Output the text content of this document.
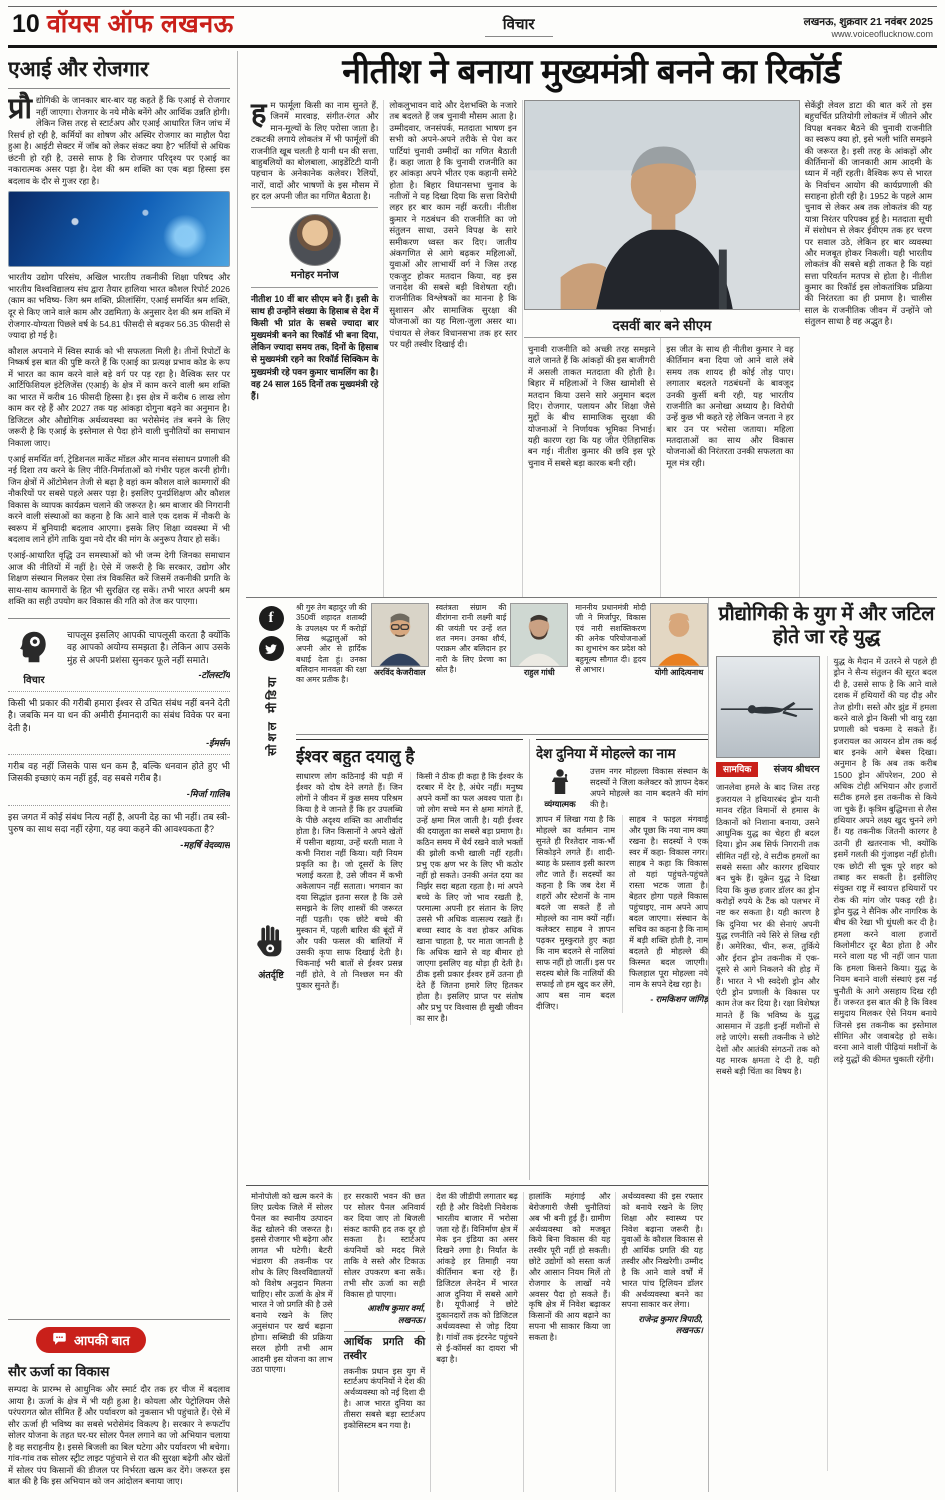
10 वॉयस ऑफ लखनऊ	विचार	लखनऊ, शुक्रवार 21 नवंबर 2025
www.voiceoflucknow.com
एआई और रोजगार

प्रौ द्योगिकी के जानकार बार-बार यह कहते हैं कि एआई से रोजगार नहीं जाएगा। रोजगार के नये मौके बनेंगे और आर्थिक उन्नति होगी। लेकिन जिस तरह से स्टार्टअप और एआई आधारित जिन जांच में रिसर्च हो रही है, कर्मियों का शोषण और अस्थिर रोजगार का माहौल पैदा हुआ है। आईटी सेक्टर में जॉब को लेकर संकट क्या है? भर्तियों से अधिक छंटनी हो रही है, उससे साफ है कि रोजगार परिदृश्य पर एआई का नकारात्मक असर पड़ा है। देश की श्रम शक्ति का एक बड़ा हिस्सा इस बदलाव के दौर से गुजर रहा है।

भारतीय उद्योग परिसंघ, अखिल भारतीय तकनीकी शिक्षा परिषद और भारतीय विश्वविद्यालय संघ द्वारा तैयार हालिया भारत कौशल रिपोर्ट 2026 (काम का भविष्य- जिग श्रम शक्ति, फ्रीलांसिंग, एआई समर्थित श्रम शक्ति, दूर से किए जाने वाले काम और उद्यमिता) के अनुसार देश की श्रम शक्ति में रोजगार-योग्यता पिछले वर्ष के 54.81 फीसदी से बढ़कर 56.35 फीसदी से ज्यादा हो गई है।

कौशल अपनाने में स्विस स्पार्क को भी सफलता मिली है। तीनों रिपोर्टों के निष्कर्ष इस बात की पुष्टि करते हैं कि एआई का प्रत्यक्ष प्रभाव कोड के रूप में भारत का काम करने वाले बड़े वर्ग पर पड़ रहा है। वैश्विक स्तर पर आर्टिफिशियल इंटेलिजेंस (एआई) के क्षेत्र में काम करने वाली श्रम शक्ति का भारत में करीब 16 फीसदी हिस्सा है। इस क्षेत्र में करीब 6 लाख लोग काम कर रहे हैं और 2027 तक यह आंकड़ा दोगुना बढ़ने का अनुमान है। डिजिटल और औद्योगिक अर्थव्यवस्था का भरोसेमंद तंत्र बनने के लिए जरूरी है कि एआई के इस्तेमाल से पैदा होने वाली चुनौतियों का समाधान निकाला जाए।

एआई समर्थित वर्ग, ट्रेडिशनल मार्केट मॉडल और मानव संसाधन प्रणाली की नई दिशा तय करने के लिए नीति-निर्माताओं को गंभीर पहल करनी होगी। जिन क्षेत्रों में ऑटोमेशन तेजी से बढ़ा है वहां कम कौशल वाले कामगारों की नौकरियों पर सबसे पहले असर पड़ा है। इसलिए पुनर्प्रशिक्षण और कौशल विकास के व्यापक कार्यक्रम चलाने की जरूरत है। श्रम बाजार की निगरानी करने वाली संस्थाओं का कहना है कि आने वाले एक दशक में नौकरी के स्वरूप में बुनियादी बदलाव आएगा। इसके लिए शिक्षा व्यवस्था में भी बदलाव लाने होंगे ताकि युवा नये दौर की मांग के अनुरूप तैयार हो सकें।

एआई-आधारित वृद्धि उन समस्याओं को भी जन्म देगी जिनका समाधान आज की नीतियों में नहीं है। ऐसे में जरूरी है कि सरकार, उद्योग और शिक्षण संस्थान मिलकर ऐसा तंत्र विकसित करें जिसमें तकनीकी प्रगति के साथ-साथ कामगारों के हित भी सुरक्षित रह सकें। तभी भारत अपनी श्रम शक्ति का सही उपयोग कर विकास की गति को तेज कर पाएगा।

विचार

चापलूस इसलिए आपकी चापलूसी करता है क्योंकि वह आपको अयोग्य समझता है। लेकिन आप उसके मुंह से अपनी प्रशंसा सुनकर फूले नहीं समाते।

-टॉलस्टॉय

किसी भी प्रकार की गरीबी हमारा ईश्वर से उचित संबंध नहीं बनने देती है। जबकि मन या धन की अमीरी ईमानदारी का संबंध विवेक पर बना देती है।

-ईमर्सन

गरीब वह नहीं जिसके पास धन कम है, बल्कि धनवान होते हुए भी जिसकी इच्छाएं कम नहीं हुईं, वह सबसे गरीब है।

-मिर्जा गालिब

इस जगत में कोई संबंध नित्य नहीं है, अपनी देह का भी नहीं। तब स्त्री-पुरुष का साथ सदा नहीं रहेगा, यह क्या कहने की आवश्यकता है?

-महर्षि वेदव्यास
आपकी बात
सौर ऊर्जा का विकास

सम्पदा के प्रारम्भ से आधुनिक और स्मार्ट दौर तक हर चीज में बदलाव आया है। ऊर्जा के क्षेत्र में भी यही हुआ है। कोयला और पेट्रोलियम जैसे परंपरागत स्रोत सीमित हैं और पर्यावरण को नुकसान भी पहुंचाते हैं। ऐसे में सौर ऊर्जा ही भविष्य का सबसे भरोसेमंद विकल्प है। सरकार ने रूफटॉप सोलर योजना के तहत घर-घर सोलर पैनल लगाने का जो अभियान चलाया है वह सराहनीय है। इससे बिजली का बिल घटेगा और पर्यावरण भी बचेगा। गांव-गांव तक सोलर स्ट्रीट लाइट पहुंचाने से रात की सुरक्षा बढ़ेगी और खेतों में सोलर पंप किसानों की डीजल पर निर्भरता खत्म कर देंगे। जरूरत इस बात की है कि इस अभियान को जन आंदोलन बनाया जाए।

नीतीश ने बनाया मुख्यमंत्री बनने का रिकॉर्ड
दसवीं बार बने सीएम

हम फार्मूला किसी का नाम सुनते हैं, जिनमें मारवाड़, संगीत-रंगत और मान-मूल्यों के लिए परोसा जाता है। टकटकी लगाये लोकतंत्र में भी फार्मूलों की राजनीति खूब चलती है यानी धन की सत्ता, बाहुबलियों का बोलबाला, आइडेंटिटी यानी पहचान के अनेकानेक कलेवर। रैलियों, नारों, वादों और भाषणों के इस मौसम में हर दल अपनी जीत का गणित बैठाता है।

मनोहर मनोज

नीतीश 10 वीं बार सीएम बने हैं। इसी के साथ ही उन्होंने संख्या के हिसाब से देश में किसी भी प्रांत के सबसे ज्यादा बार मुख्यमंत्री बनने का रिकॉर्ड भी बना दिया, लेकिन ज्यादा समय तक, दिनों के हिसाब से मुख्यमंत्री रहने का रिकॉर्ड सिक्किम के मुख्यमंत्री रहे पवन कुमार चामलिंग का है। वह 24 साल 165 दिनों तक मुख्यमंत्री रहे हैं।

लोकलुभावन वादे और देशभक्ति के नजारे तब बदलते हैं जब चुनावी मौसम आता है। उम्मीदवार, जनसंपर्क, मतदाता भाषण इन सभी को अपने-अपने तरीके से पेश कर पार्टियां चुनावी उम्मीदों का गणित बैठाती हैं। कहा जाता है कि चुनावी राजनीति का हर आंकड़ा अपने भीतर एक कहानी समेटे होता है। बिहार विधानसभा चुनाव के नतीजों ने यह दिखा दिया कि सत्ता विरोधी लहर हर बार काम नहीं करती। नीतीश कुमार ने गठबंधन की राजनीति का जो संतुलन साधा, उसने विपक्ष के सारे समीकरण ध्वस्त कर दिए। जातीय अंकगणित से आगे बढ़कर महिलाओं, युवाओं और लाभार्थी वर्ग ने जिस तरह एकजुट होकर मतदान किया, वह इस जनादेश की सबसे बड़ी विशेषता रही। राजनीतिक विश्लेषकों का मानना है कि सुशासन और सामाजिक सुरक्षा की योजनाओं का यह मिला-जुला असर था। पंचायत से लेकर विधानसभा तक हर स्तर पर यही तस्वीर दिखाई दी।
चुनावी राजनीति को अच्छी तरह समझने वाले जानते हैं कि आंकड़ों की इस बाजीगरी में असली ताकत मतदाता की होती है। बिहार में महिलाओं ने जिस खामोशी से मतदान किया उसने सारे अनुमान बदल दिए। रोजगार, पलायन और शिक्षा जैसे मुद्दों के बीच सामाजिक सुरक्षा की योजनाओं ने निर्णायक भूमिका निभाई। यही कारण रहा कि यह जीत ऐतिहासिक बन गई। नीतीश कुमार की छवि इस पूरे चुनाव में सबसे बड़ा कारक बनी रही।
इस जीत के साथ ही नीतीश कुमार ने वह कीर्तिमान बना दिया जो आने वाले लंबे समय तक शायद ही कोई तोड़ पाए। लगातार बदलते गठबंधनों के बावजूद उनकी कुर्सी बनी रही, यह भारतीय राजनीति का अनोखा अध्याय है। विरोधी उन्हें कुछ भी कहते रहे लेकिन जनता ने हर बार उन पर भरोसा जताया। महिला मतदाताओं का साथ और विकास योजनाओं की निरंतरता उनकी सफलता का मूल मंत्र रही।
सेकेंड्री लेवल डाटा की बात करें तो इस बहुचर्चित प्रतियोगी लोकतंत्र में जीतने और विपक्ष बनकर बैठने की चुनावी राजनीति का स्वरूप क्या हो, इसे भली भांति समझने की जरूरत है। इसी तरह के आंकड़ों और कीर्तिमानों की जानकारी आम आदमी के ध्यान में नहीं रहती। वैश्विक रूप से भारत के निर्वाचन आयोग की कार्यप्रणाली की सराहना होती रही है। 1952 के पहले आम चुनाव से लेकर अब तक लोकतंत्र की यह यात्रा निरंतर परिपक्व हुई है। मतदाता सूची में संशोधन से लेकर ईवीएम तक हर चरण पर सवाल उठे, लेकिन हर बार व्यवस्था और मजबूत होकर निकली। यही भारतीय लोकतंत्र की सबसे बड़ी ताकत है कि यहां सत्ता परिवर्तन मतपत्र से होता है। नीतीश कुमार का रिकॉर्ड इस लोकतांत्रिक प्रक्रिया की निरंतरता का ही प्रमाण है। चालीस साल के राजनीतिक जीवन में उन्होंने जो संतुलन साधा है वह अद्भुत है।
f
सोशल मीडिया
अंतर्दृष्टि

श्री गुरु तेग बहादुर जी की 350वीं शहादत शताब्दी के उपलक्ष्य पर मैं करोड़ों सिख श्रद्धालुओं को अपनी ओर से हार्दिक बधाई देता हूं। उनका बलिदान मानवता की रक्षा का अमर प्रतीक है।

अरविंद केजरीवाल

स्वतंत्रता संग्राम की वीरांगना रानी लक्ष्मी बाई की जयंती पर उन्हें शत शत नमन। उनका शौर्य, पराक्रम और बलिदान हर नारी के लिए प्रेरणा का स्रोत है।	राहुल गांधी

माननीय प्रधानमंत्री मोदी जी ने मिर्जापुर, विकास एवं नारी सशक्तिकरण की अनेक परियोजनाओं का शुभारंभ कर प्रदेश को बहुमूल्य सौगात दी। हृदय से आभार।	योगी आदित्यनाथ
ईश्वर बहुत दयालु है
साधारण लोग कठिनाई की घड़ी में ईश्वर को दोष देने लगते हैं। जिन लोगों ने जीवन में कुछ समय परिश्रम किया है वे जानते हैं कि हर उपलब्धि के पीछे अदृश्य शक्ति का आशीर्वाद होता है। जिन किसानों ने अपने खेतों में पसीना बहाया, उन्हें धरती माता ने कभी निराश नहीं किया। यही नियम प्रकृति का है। जो दूसरों के लिए भलाई करता है, उसे जीवन में कभी अकेलापन नहीं सताता। भगवान का दया सिद्धांत इतना सरल है कि उसे समझने के लिए शास्त्रों की जरूरत नहीं पड़ती। एक छोटे बच्चे की मुस्कान में, पहली बारिश की बूंदों में और पकी फसल की बालियों में उसकी कृपा साफ दिखाई देती है। चिकनाई भरी बातों से ईश्वर प्रसन्न नहीं होते, वे तो निश्छल मन की पुकार सुनते हैं।
किसी ने ठीक ही कहा है कि ईश्वर के दरबार में देर है, अंधेर नहीं। मनुष्य अपने कर्मों का फल अवश्य पाता है। जो लोग सच्चे मन से क्षमा मांगते हैं, उन्हें क्षमा मिल जाती है। यही ईश्वर की दयालुता का सबसे बड़ा प्रमाण है। कठिन समय में धैर्य रखने वाले भक्तों की झोली कभी खाली नहीं रहती। प्रभु एक क्षण भर के लिए भी कठोर नहीं हो सकते। उनकी अनंत दया का निर्झर सदा बहता रहता है। मां अपने बच्चे के लिए जो भाव रखती है, परमात्मा अपनी हर संतान के लिए उससे भी अधिक वात्सल्य रखते हैं। बच्चा स्वाद के वश होकर अधिक खाना चाहता है, पर माता जानती है कि अधिक खाने से वह बीमार हो जाएगा इसलिए वह थोड़ा ही देती है। ठीक इसी प्रकार ईश्वर हमें उतना ही देते हैं जितना हमारे लिए हितकर होता है। इसलिए प्राप्त पर संतोष और प्रभु पर विश्वास ही सुखी जीवन का सार है।
देश दुनिया में मोहल्ले का नाम
व्यंग्यात्मक

उत्तम नगर मोहल्ला विकास संस्थान के सदस्यों ने जिला कलेक्टर को ज्ञापन देकर अपने मोहल्ले का नाम बदलने की मांग की है।

ज्ञापन में लिखा गया है कि मोहल्ले का वर्तमान नाम सुनते ही रिश्तेदार नाक-भौं सिकोड़ने लगते हैं। शादी-ब्याह के प्रस्ताव इसी कारण लौट जाते हैं। सदस्यों का कहना है कि जब देश में शहरों और स्टेशनों के नाम बदले जा सकते हैं तो मोहल्ले का नाम क्यों नहीं। कलेक्टर साहब ने ज्ञापन पढ़कर मुस्कुराते हुए कहा कि नाम बदलने से नालियां साफ नहीं हो जातीं। इस पर सदस्य बोले कि नालियों की सफाई तो हम खुद कर लेंगे, आप बस नाम बदल दीजिए।
साहब ने फाइल मंगवाई और पूछा कि नया नाम क्या रखना है। सदस्यों ने एक स्वर में कहा- विकास नगर। साहब ने कहा कि विकास तो यहां पहुंचते-पहुंचते रास्ता भटक जाता है। बेहतर होगा पहले विकास पहुंचाइए, नाम अपने आप बदल जाएगा। संस्थान के सचिव का कहना है कि नाम में बड़ी शक्ति होती है, नाम बदलते ही मोहल्ले की किस्मत बदल जाएगी। फिलहाल पूरा मोहल्ला नये नाम के सपने देख रहा है।
- रामकिशन जांगिड़
मोनोपोली को खत्म करने के लिए प्रत्येक जिले में सोलर पैनल का स्थानीय उत्पादन केंद्र खोलने की जरूरत है। इससे रोजगार भी बढ़ेगा और लागत भी घटेगी। बैटरी भंडारण की तकनीक पर शोध के लिए विश्वविद्यालयों को विशेष अनुदान मिलना चाहिए। सौर ऊर्जा के क्षेत्र में भारत ने जो प्रगति की है उसे बनाये रखने के लिए अनुसंधान पर खर्च बढ़ाना होगा। सब्सिडी की प्रक्रिया सरल होगी तभी आम आदमी इस योजना का लाभ उठा पाएगा।
हर सरकारी भवन की छत पर सोलर पैनल अनिवार्य कर दिया जाए तो बिजली संकट काफी हद तक दूर हो सकता है। स्टार्टअप कंपनियों को मदद मिले ताकि वे सस्ते और टिकाऊ सोलर उपकरण बना सकें। तभी सौर ऊर्जा का सही विकास हो पाएगा।
आशीष कुमार वर्मा, लखनऊ।
आर्थिक प्रगति की तस्वीर
तकनीक प्रधान इस युग में स्टार्टअप कंपनियों ने देश की अर्थव्यवस्था को नई दिशा दी है। आज भारत दुनिया का तीसरा सबसे बड़ा स्टार्टअप इकोसिस्टम बन गया है।
देश की जीडीपी लगातार बढ़ रही है और विदेशी निवेशक भारतीय बाजार में भरोसा जता रहे हैं। विनिर्माण क्षेत्र में मेक इन इंडिया का असर दिखने लगा है। निर्यात के आंकड़े हर तिमाही नया कीर्तिमान बना रहे हैं। डिजिटल लेनदेन में भारत आज दुनिया में सबसे आगे है। यूपीआई ने छोटे दुकानदारों तक को डिजिटल अर्थव्यवस्था से जोड़ दिया है। गांवों तक इंटरनेट पहुंचने से ई-कॉमर्स का दायरा भी बढ़ा है।
हालांकि महंगाई और बेरोजगारी जैसी चुनौतियां अब भी बनी हुई हैं। ग्रामीण अर्थव्यवस्था को मजबूत किये बिना विकास की यह तस्वीर पूरी नहीं हो सकती। छोटे उद्योगों को सस्ता कर्ज और आसान नियम मिलें तो रोजगार के लाखों नये अवसर पैदा हो सकते हैं। कृषि क्षेत्र में निवेश बढ़ाकर किसानों की आय बढ़ाने का सपना भी साकार किया जा सकता है।
अर्थव्यवस्था की इस रफ्तार को बनाये रखने के लिए शिक्षा और स्वास्थ्य पर निवेश बढ़ाना जरूरी है। युवाओं के कौशल विकास से ही आर्थिक प्रगति की यह तस्वीर और निखरेगी। उम्मीद है कि आने वाले वर्षों में भारत पांच ट्रिलियन डॉलर की अर्थव्यवस्था बनने का सपना साकार कर लेगा।
राजेन्द्र कुमार त्रिपाठी, लखनऊ।
प्रौद्योगिकी के युग में और जटिल होते जा रहे युद्ध
सामयिक	संजय श्रीधरन
जानलेवा हमले के बाद जिस तरह इजरायल ने हथियारबंद ड्रोन यानी मानव रहित विमानों से हमास के ठिकानों को निशाना बनाया, उसने आधुनिक युद्ध का चेहरा ही बदल दिया। ड्रोन अब सिर्फ निगरानी तक सीमित नहीं रहे, वे सटीक हमलों का सबसे सस्ता और कारगर हथियार बन चुके हैं। यूक्रेन युद्ध ने दिखा दिया कि कुछ हजार डॉलर का ड्रोन करोड़ों रुपये के टैंक को पलभर में नष्ट कर सकता है। यही कारण है कि दुनिया भर की सेनाएं अपनी युद्ध रणनीति नये सिरे से लिख रही हैं। अमेरिका, चीन, रूस, तुर्किये और ईरान ड्रोन तकनीक में एक-दूसरे से आगे निकलने की होड़ में हैं। भारत ने भी स्वदेशी ड्रोन और एंटी ड्रोन प्रणाली के विकास पर काम तेज कर दिया है। रक्षा विशेषज्ञ मानते हैं कि भविष्य के युद्ध आसमान में उड़ती इन्हीं मशीनों से लड़े जाएंगे। सस्ती तकनीक ने छोटे देशों और आतंकी संगठनों तक को यह मारक क्षमता दे दी है, यही सबसे बड़ी चिंता का विषय है।
युद्ध के मैदान में उतरने से पहले ही ड्रोन ने सैन्य संतुलन की सूरत बदल दी है, उससे साफ है कि आने वाले दशक में हथियारों की यह दौड़ और तेज होगी। सस्ते और झुंड में हमला करने वाले ड्रोन किसी भी वायु रक्षा प्रणाली को चकमा दे सकते हैं। इजरायल का आयरन डोम तक कई बार इनके आगे बेबस दिखा। अनुमान है कि अब तक करीब 1500 ड्रोन ऑपरेशन, 200 से अधिक टोही अभियान और हजारों सटीक हमले इस तकनीक से किये जा चुके हैं। कृत्रिम बुद्धिमत्ता से लैस हथियार अपने लक्ष्य खुद चुनने लगे हैं। यह तकनीक जितनी कारगर है उतनी ही खतरनाक भी, क्योंकि इसमें गलती की गुंजाइश नहीं होती। एक छोटी सी चूक पूरे शहर को तबाह कर सकती है। इसीलिए संयुक्त राष्ट्र में स्वायत्त हथियारों पर रोक की मांग जोर पकड़ रही है। ड्रोन युद्ध ने सैनिक और नागरिक के बीच की रेखा भी धुंधली कर दी है। हमला करने वाला हजारों किलोमीटर दूर बैठा होता है और मरने वाला यह भी नहीं जान पाता कि हमला किसने किया। युद्ध के नियम बनाने वाली संस्थाएं इस नई चुनौती के आगे असहाय दिख रही हैं। जरूरत इस बात की है कि विश्व समुदाय मिलकर ऐसे नियम बनाये जिनसे इस तकनीक का इस्तेमाल सीमित और जवाबदेह हो सके। वरना आने वाली पीढ़ियां मशीनों के लड़े युद्धों की कीमत चुकाती रहेंगी।
